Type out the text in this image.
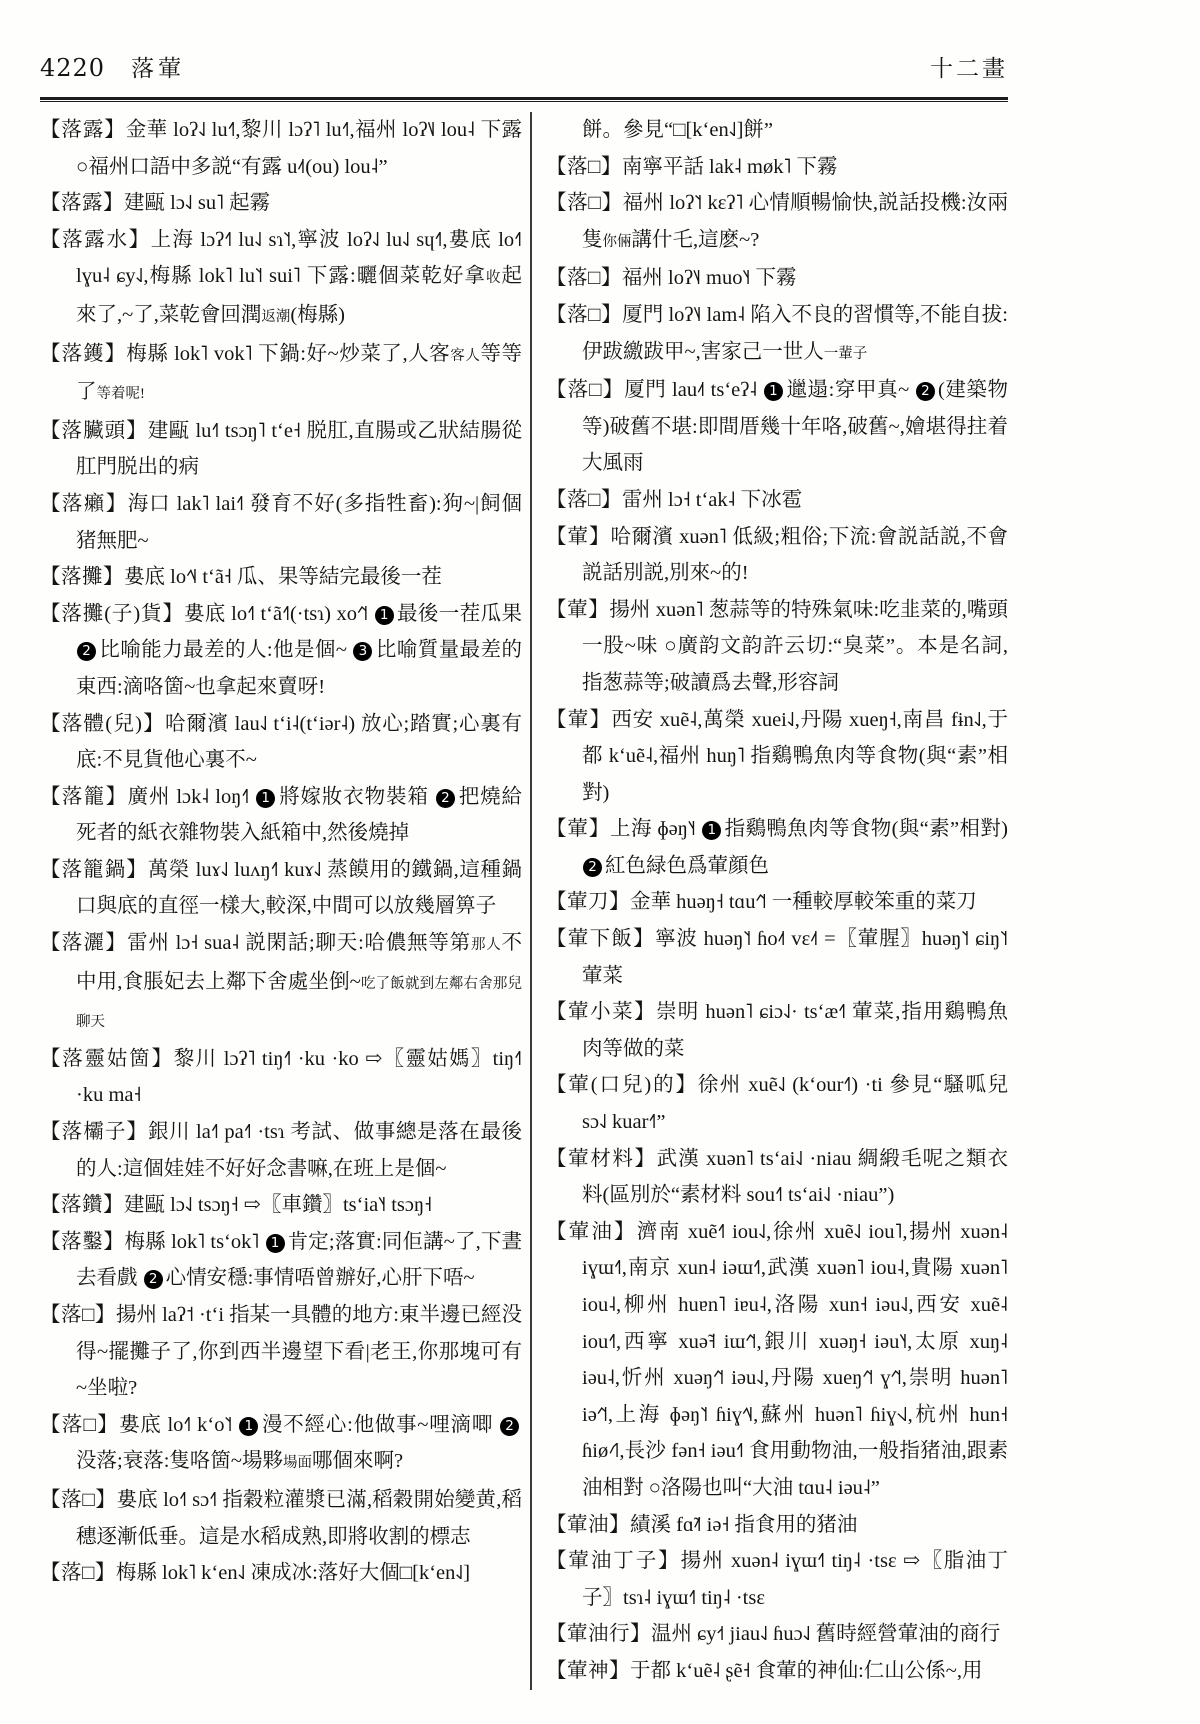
4220 落葷	十二畫

【落露】金華 loʔ˨˩ lu˧˥,黎川 lɔʔ˥ lu˧˥,福州 loʔ˥˩ lou˨ 下露 ○福州口語中多説“有露 u˨˦(ou) lou˨”

【落露】建甌 lɔ˨˩ su˥ 起霧

【落露水】上海 lɔʔ˧˥ lu˨˩ sɿ˥˦,寧波 loʔ˨˩ lu˨˩ sɥ˧˥,婁底 lo˧˥ lɣu˨ ɕy˨˩,梅縣 lok˥ lu˥˦ sui˥ 下露:曬個菜乾好拿收起來了,~了,菜乾會回潤返潮(梅縣)

【落鑊】梅縣 lok˥ vok˥ 下鍋:好~炒菜了,人客客人等等了等着呢!

【落臟頭】建甌 lu˧˥ tsɔŋ˥ tʻe˧ 脱肛,直腸或乙狀結腸從肛門脱出的病

【落癩】海口 lak˥ lai˧˥ 發育不好(多指牲畜):狗~|飼個猪無肥~

【落攤】婁底 lo˧˥˨ tʻã˧ 瓜、果等結完最後一茬

【落攤(子)貨】婁底 lo˧˥ tʻã˧˥(·tsɿ) xo˧˥˦ 1 最後一茬瓜果 2 比喻能力最差的人:他是個~ 3 比喻質量最差的東西:滴咯箇~也拿起來賣呀!

【落體(兒)】哈爾濱 lau˨˩ tʻi˨(tʻiər˨) 放心;踏實;心裏有底:不見貨他心裏不~

【落籠】廣州 lɔk˨ loŋ˧˥ 1 將嫁妝衣物裝箱 2 把燒給死者的紙衣雜物裝入紙箱中,然後燒掉

【落籠鍋】萬榮 luɤ˨˩ luʌŋ˧˥ kuɤ˨˩ 蒸饃用的鐵鍋,這種鍋口與底的直徑一樣大,較深,中間可以放幾層箅子

【落灑】雷州 lɔ˧ sua˨ 説閑話;聊天:哈儂無等第那人不中用,食脹妃去上鄰下舍處坐倒~吃了飯就到左鄰右舍那兒聊天

【落靈姑箇】黎川 lɔʔ˥ tiŋ˧˥ ·ku ·ko ⇨〖靈姑媽〗tiŋ˧˥ ·ku ma˧

【落欛子】銀川 la˧˥ pa˧˥ ·tsɿ 考試、做事總是落在最後的人:這個娃娃不好好念書嘛,在班上是個~

【落鑽】建甌 lɔ˨˩ tsɔŋ˧ ⇨〖車鑽〗tsʻia˥˧ tsɔŋ˧

【落鑿】梅縣 lok˥ tsʻok˥ 1 肯定;落實:同佢講~了,下晝去看戲 2 心情安穩:事情唔曾辦好,心肝下唔~

【落□】揚州 laʔ˦ ·tʻi 指某一具體的地方:東半邊已經没得~擺攤子了,你到西半邊望下看|老王,你那塊可有~坐啦?

【落□】婁底 lo˧˥ kʻo˥˦ 1 漫不經心:他做事~哩滴唧 2没落;衰落:隻咯箇~場夥場面哪個來啊?

【落□】婁底 lo˧˥ sɔ˧˥ 指穀粒灌漿已滿,稻穀開始變黄,稻穗逐漸低垂。這是水稻成熟,即將收割的標志

【落□】梅縣 lok˥ kʻen˨˩ 凍成冰:落好大個□[kʻen˨˩]

餅。參見“□[kʻen˨˩]餅”

【落□】南寧平話 lak˨ møk˥ 下霧

【落□】福州 loʔ˥˦ kɛʔ˥ 心情順暢愉快,説話投機:汝兩隻你倆講什乇,這麽~?

【落□】福州 loʔ˥˨ muo˥˧ 下霧

【落□】厦門 loʔ˥˨ lam˨ 陷入不良的習慣等,不能自拔:伊跋繳跋甲~,害家己一世人一輩子

【落□】厦門 lau˨˦ tsʻeʔ˨ 1 邋遢:穿甲真~ 2 (建築物等)破舊不堪:即間厝幾十年咯,破舊~,嬒堪得拄着大風雨

【落□】雷州 lɔ˧ tʻak˨ 下冰雹

【葷】哈爾濱 xuən˥ 低級;粗俗;下流:會説話説,不會説話別説,別來~的!

【葷】揚州 xuən˥ 葱蒜等的特殊氣味:吃韭菜的,嘴頭一股~味 ○廣韵文韵許云切:“臭菜”。本是名詞,指葱蒜等;破讀爲去聲,形容詞

【葷】西安 xuẽ˨,萬榮 xuei˨˩,丹陽 xueŋ˧,南昌 fɨn˨˩,于都 kʻuẽ˨,福州 huŋ˥ 指鷄鴨魚肉等食物(與“素”相對)

【葷】上海 ɸəŋ˥˧ 1 指鷄鴨魚肉等食物(與“素”相對)2 紅色緑色爲葷顔色

【葷刀】金華 huəŋ˧ tɑu˧˥˦ 一種較厚較笨重的菜刀

【葷下飯】寧波 huəŋ˥˦ ɦo˨˦ vɛ˨˦ =〖葷腥〗huəŋ˥˦ ɕiŋ˥˦ 葷菜

【葷小菜】崇明 huən˥ ɕiɔ˨˩· tsʻæ˧˥ 葷菜,指用鷄鴨魚肉等做的菜

【葷(口兒)的】徐州 xuẽ˨˩ (kʻour˧˥) ·ti 參見“騷呱兒 sɔ˨˩ kuar˧˥”

【葷材料】武漢 xuən˥ tsʻai˨˩ ·niau 綢緞毛呢之類衣料(區別於“素材料 sou˧˥ tsʻai˨˩ ·niau”)

【葷油】濟南 xuẽ˧˥ iou˨˩,徐州 xuẽ˨˩ iou˥,揚州 xuən˨ iɣɯ˧˥,南京 xun˨ iəɯ˧˥,武漢 xuən˥ iou˨,貴陽 xuən˥ iou˨,柳州 huɐn˥ iɐu˨,洛陽 xun˧ iəu˨˩,西安 xuẽ˨ iou˧˥,西寧 xuə̃˧ iɯ˧˥˦,銀川 xuəŋ˧ iəu˥˧,太原 xuŋ˨ iəu˨,忻州 xuəŋ˧˥˦ iəu˨˩,丹陽 xueŋ˧˥˦ ɣ˧˥˦,崇明 huən˥ iə˧˥˦,上海 ɸəŋ˥˦ ɦiɣ˧˥˨,蘇州 huən˥ ɦiɣ˧˨˩,杭州 hun˧ ɦiø˨˦˥,長沙 fən˧ iəu˧˥ 食用動物油,一般指猪油,跟素油相對 ○洛陽也叫“大油 tɑu˨ iəu˨”

【葷油】績溪 fɑ̃˨˦ iə˧ 指食用的猪油

【葷油丁子】揚州 xuən˨ iɣɯ˧˥ tiŋ˨ ·tsɛ ⇨〖脂油丁子〗tsɿ˨ iɣɯ˧˥ tiŋ˨ ·tsɛ

【葷油行】温州 ɕy˧˦ jiau˨˩ ɦuɔ˨˩ 舊時經營葷油的商行

【葷神】于都 kʻuẽ˨ ʂẽ˧ 食葷的神仙:仁山公係~,用
